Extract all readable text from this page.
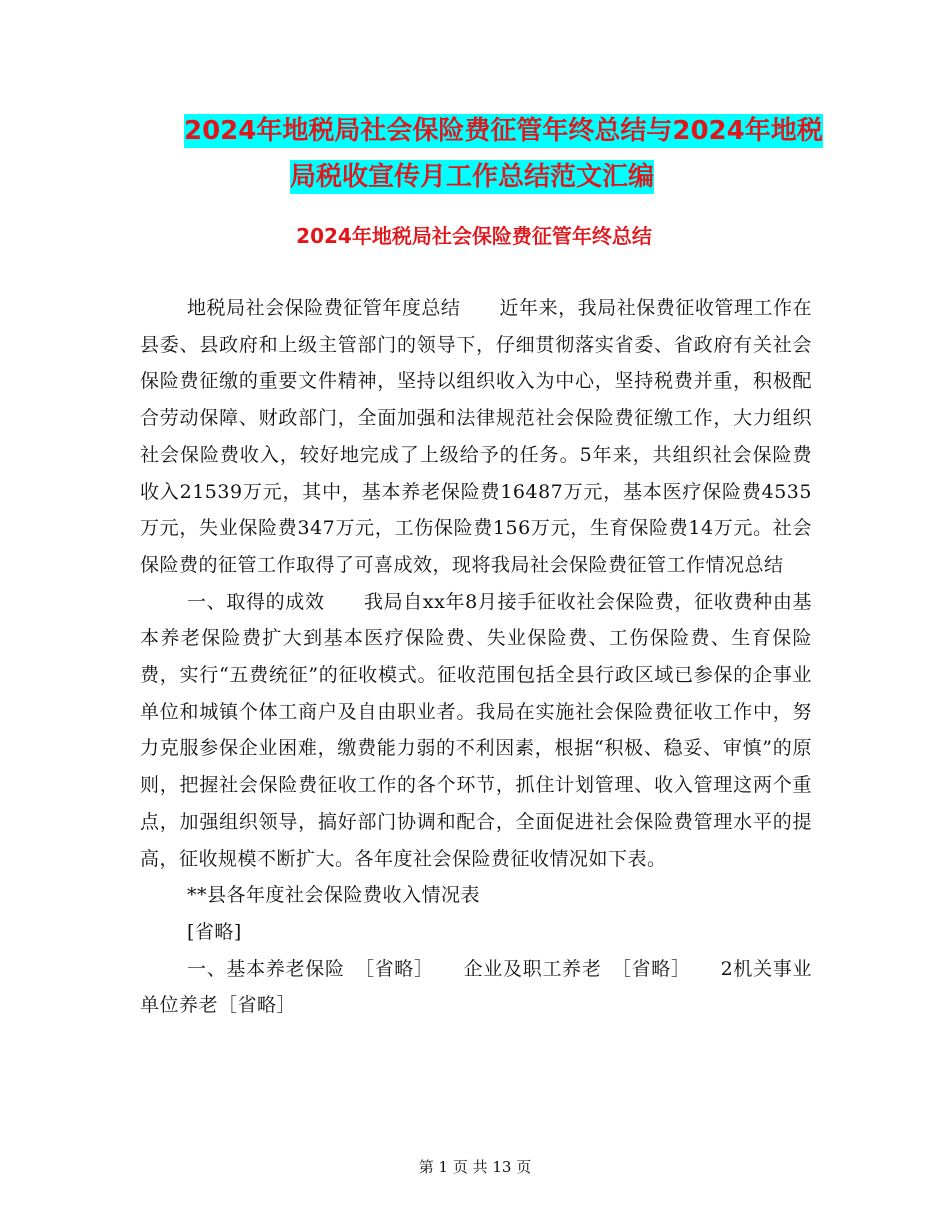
2024年地税局社会保险费征管年终总结与2024年地税
局税收宣传月工作总结范文汇编
2024年地税局社会保险费征管年终总结

地税局社会保险费征管年度总结　　近年来，我局社保费征收管理工作在县委、县政府和上级主管部门的领导下，仔细贯彻落实省委、省政府有关社会保险费征缴的重要文件精神，坚持以组织收入为中心，坚持税费并重，积极配合劳动保障、财政部门，全面加强和法律规范社会保险费征缴工作，大力组织社会保险费收入，较好地完成了上级给予的任务。5年来，共组织社会保险费收入21539万元，其中，基本养老保险费16487万元，基本医疗保险费4535万元，失业保险费347万元，工伤保险费156万元，生育保险费14万元。社会保险费的征管工作取得了可喜成效，现将我局社会保险费征管工作情况总结

一、取得的成效　　我局自xx年8月接手征收社会保险费，征收费种由基本养老保险费扩大到基本医疗保险费、失业保险费、工伤保险费、生育保险费，实行“五费统征”的征收模式。征收范围包括全县行政区域已参保的企事业单位和城镇个体工商户及自由职业者。我局在实施社会保险费征收工作中，努力克服参保企业困难，缴费能力弱的不利因素，根据“积极、稳妥、审慎”的原则，把握社会保险费征收工作的各个环节，抓住计划管理、收入管理这两个重点，加强组织领导，搞好部门协调和配合，全面促进社会保险费管理水平的提高，征收规模不断扩大。各年度社会保险费征收情况如下表。

**县各年度社会保险费收入情况表

[省略]

一、基本养老保险　［省略］　　企业及职工养老　［省略］　　2机关事业单位养老［省略］

第 1 页 共 13 页
